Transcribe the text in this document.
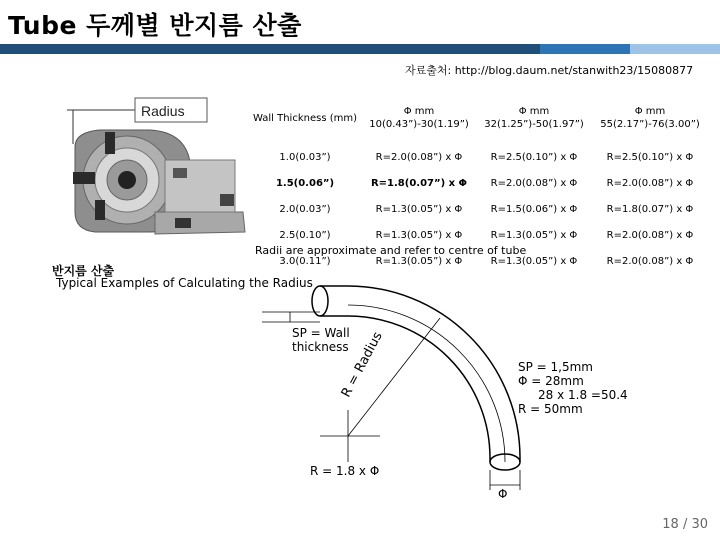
Tube 두께별 반지름 산출
자료출처: http://blog.daum.net/stanwith23/15080877
Radius	Wall Thickness (mm)	Φ mm 10(0.43”)-30(1.19”)	Φ mm 32(1.25”)-50(1.97”)	Φ mm 55(2.17”)-76(3.00”)
1.0(0.03”)	R=2.0(0.08”) x Φ	R=2.5(0.10”) x Φ	R=2.5(0.10”) x Φ
1.5(0.06”)	R=1.8(0.07”) x Φ	R=2.0(0.08”) x Φ	R=2.0(0.08”) x Φ
2.0(0.03”)	R=1.3(0.05”) x Φ	R=1.5(0.06”) x Φ	R=1.8(0.07”) x Φ
2.5(0.10”)	R=1.3(0.05”) x Φ	R=1.3(0.05”) x Φ	R=2.0(0.08”) x Φ
3.0(0.11”)	R=1.3(0.05”) x Φ	R=1.3(0.05”) x Φ	R=2.0(0.08”) x Φ
Radii are approximate and refer to centre of tube
반지름 산출
Typical Examples of Calculating the Radius
Φ
SP = Wall thickness
R = Radius
R = 1.8 x Φ
SP = 1,5mm
Φ = 28mm
28 x 1.8 =50.4
R = 50mm
18 / 30
